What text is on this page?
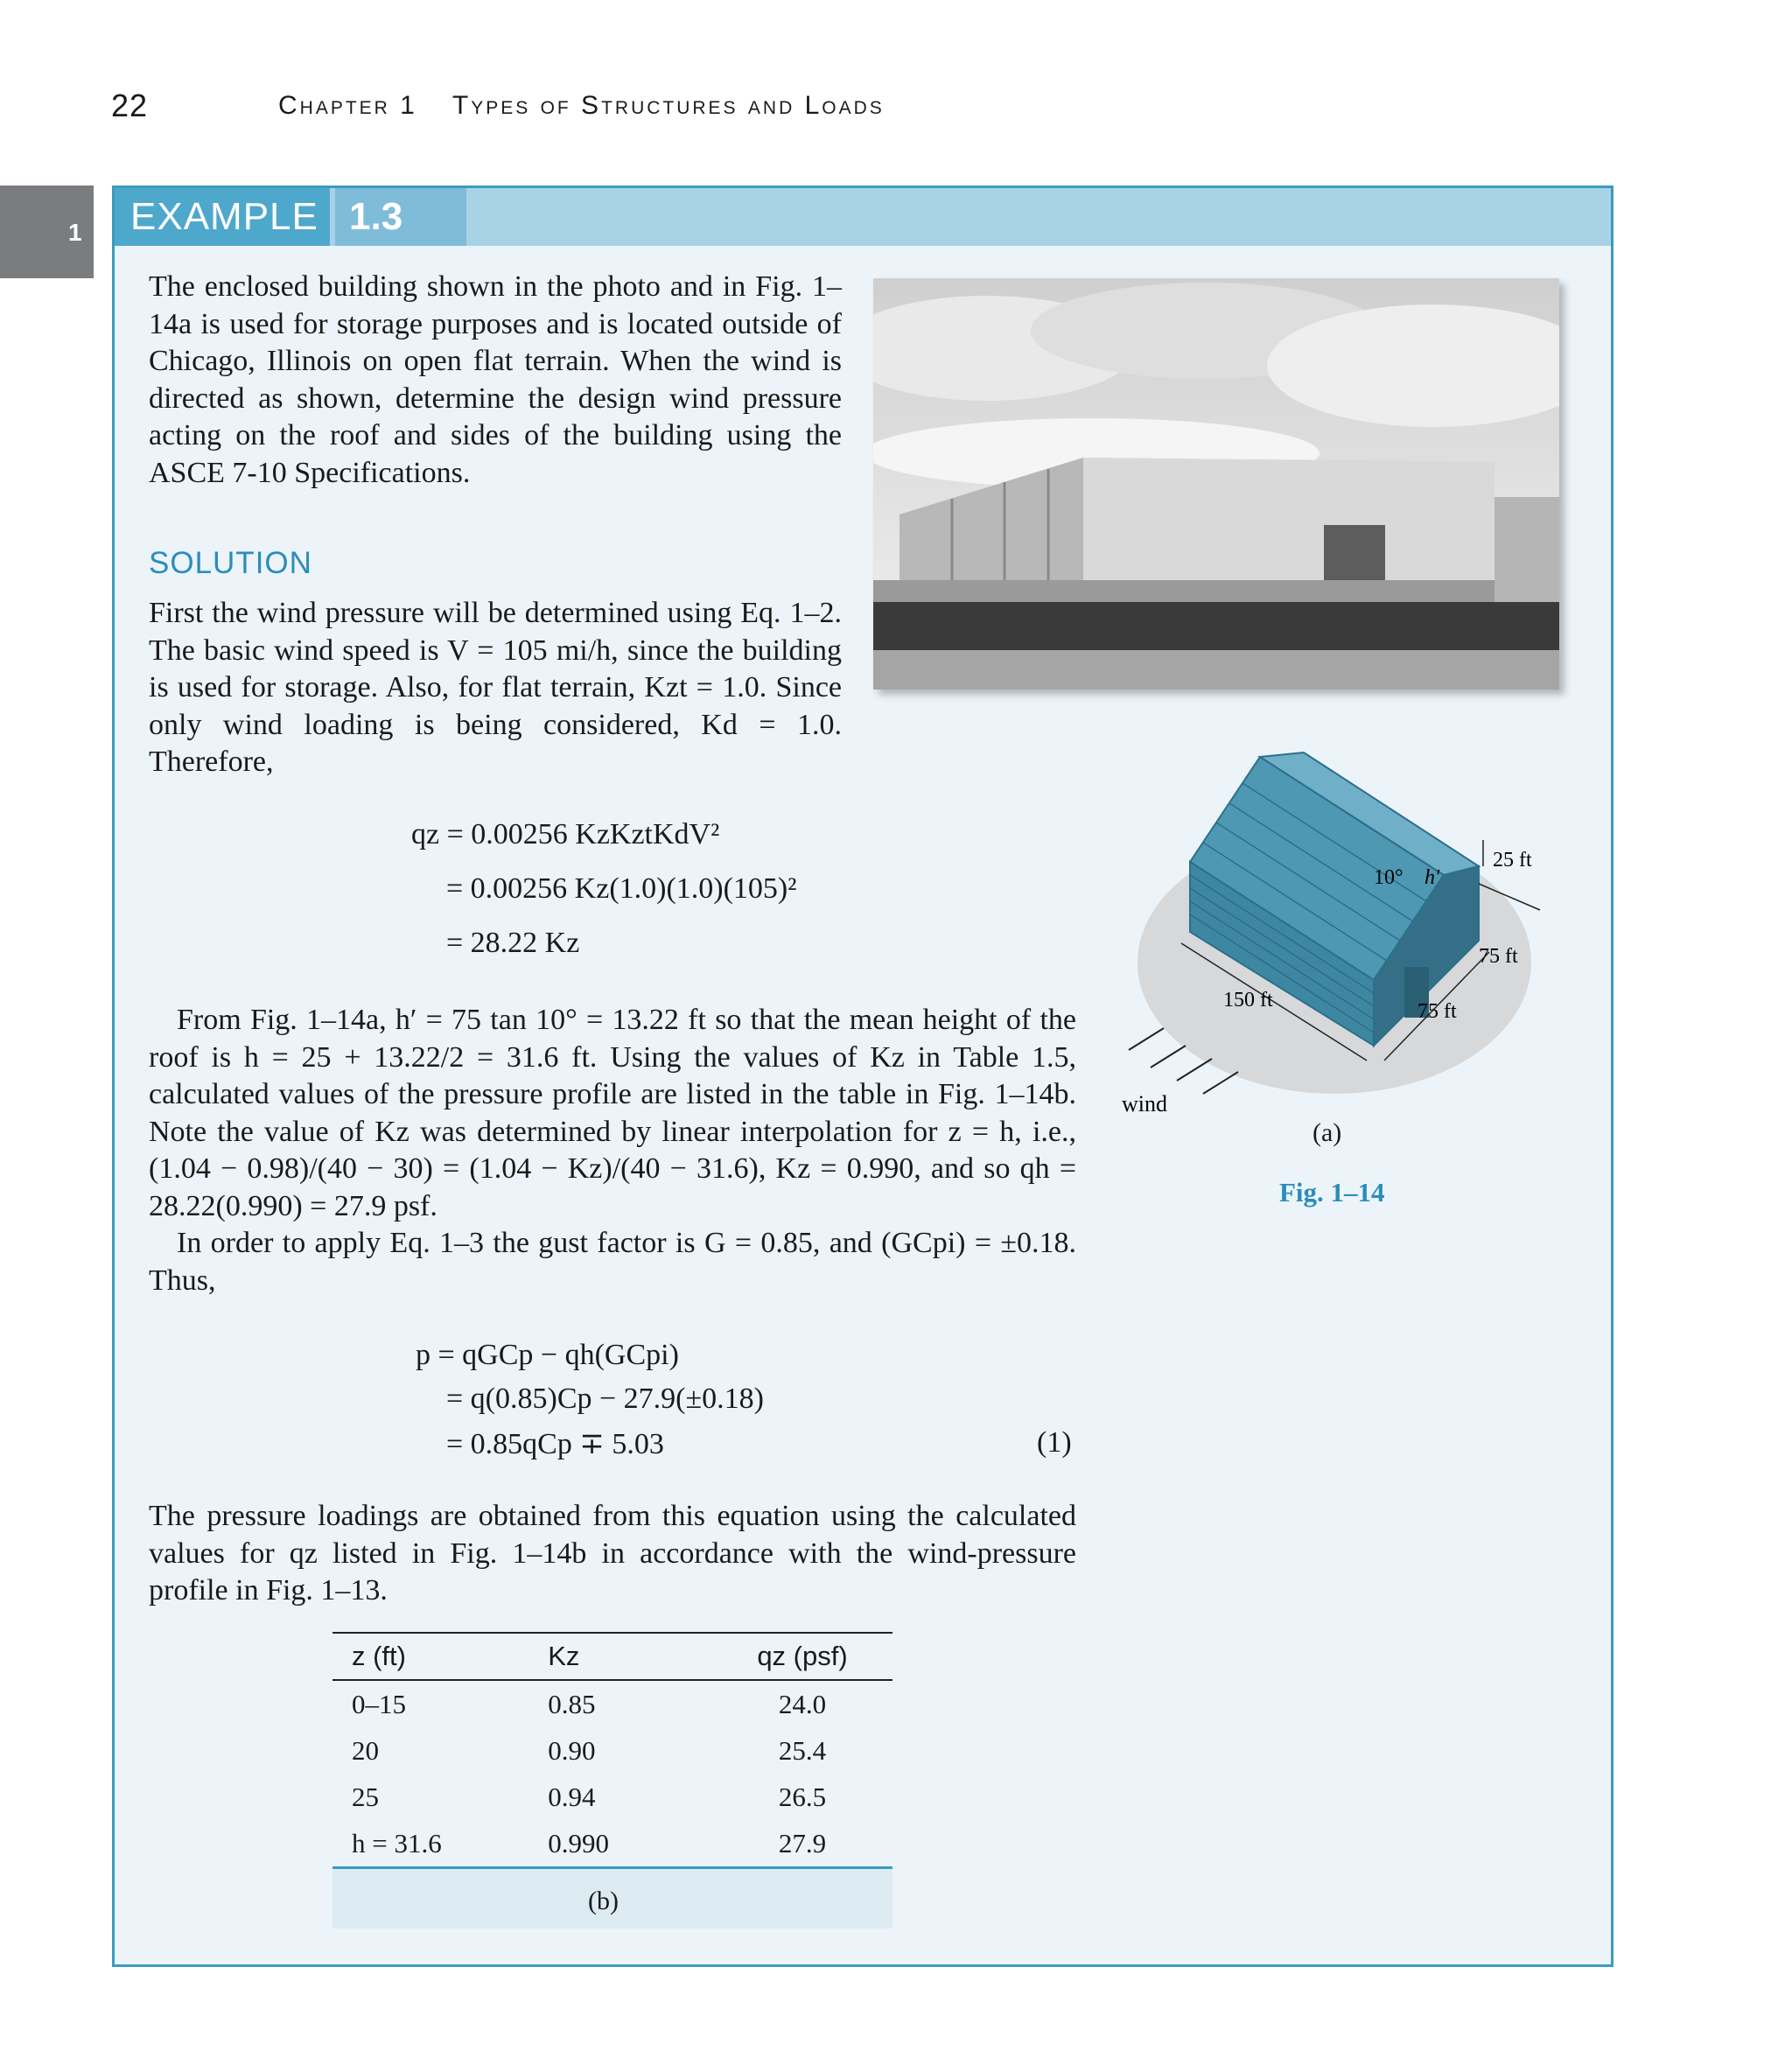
22	Chapter 1 Types of Structures and Loads
1	EXAMPLE 1.3

The enclosed building shown in the photo and in Fig. 1–14a is used for storage purposes and is located outside of Chicago, Illinois on open flat terrain. When the wind is directed as shown, determine the design wind pressure acting on the roof and sides of the building using the ASCE 7-10 Specifications.

SOLUTION

First the wind pressure will be determined using Eq. 1–2. The basic wind speed is V = 105 mi/h, since the building is used for storage. Also, for flat terrain, Kzt = 1.0. Since only wind loading is being considered, Kd = 1.0. Therefore,

qz = 0.00256 KzKztKdV²
= 0.00256 Kz(1.0)(1.0)(105)²
= 28.22 Kz

From Fig. 1–14a, h′ = 75 tan 10° = 13.22 ft so that the mean height of the roof is h = 25 + 13.22/2 = 31.6 ft. Using the values of Kz in Table 1.5, calculated values of the pressure profile are listed in the table in Fig. 1–14b. Note the value of Kz was determined by linear interpolation for z = h, i.e., (1.04 − 0.98)/(40 − 30) = (1.04 − Kz)/(40 − 31.6), Kz = 0.990, and so qh = 28.22(0.990) = 27.9 psf.

In order to apply Eq. 1–3 the gust factor is G = 0.85, and (GCpi) = ±0.18. Thus,

p = qGCp − qh(GCpi)
= q(0.85)Cp − 27.9(±0.18)
= 0.85qCp ∓ 5.03	(1)

The pressure loadings are obtained from this equation using the calculated values for qz listed in Fig. 1–14b in accordance with the wind-pressure profile in Fig. 1–13.

10° h′
25 ft
75 ft
75 ft
150 ft
wind
(a)
Fig. 1–14
z (ft)	Kz	qz (psf)
0–15	0.85	24.0
20	0.90	25.4
25	0.94	26.5
h = 31.6	0.990	27.9
(b)
